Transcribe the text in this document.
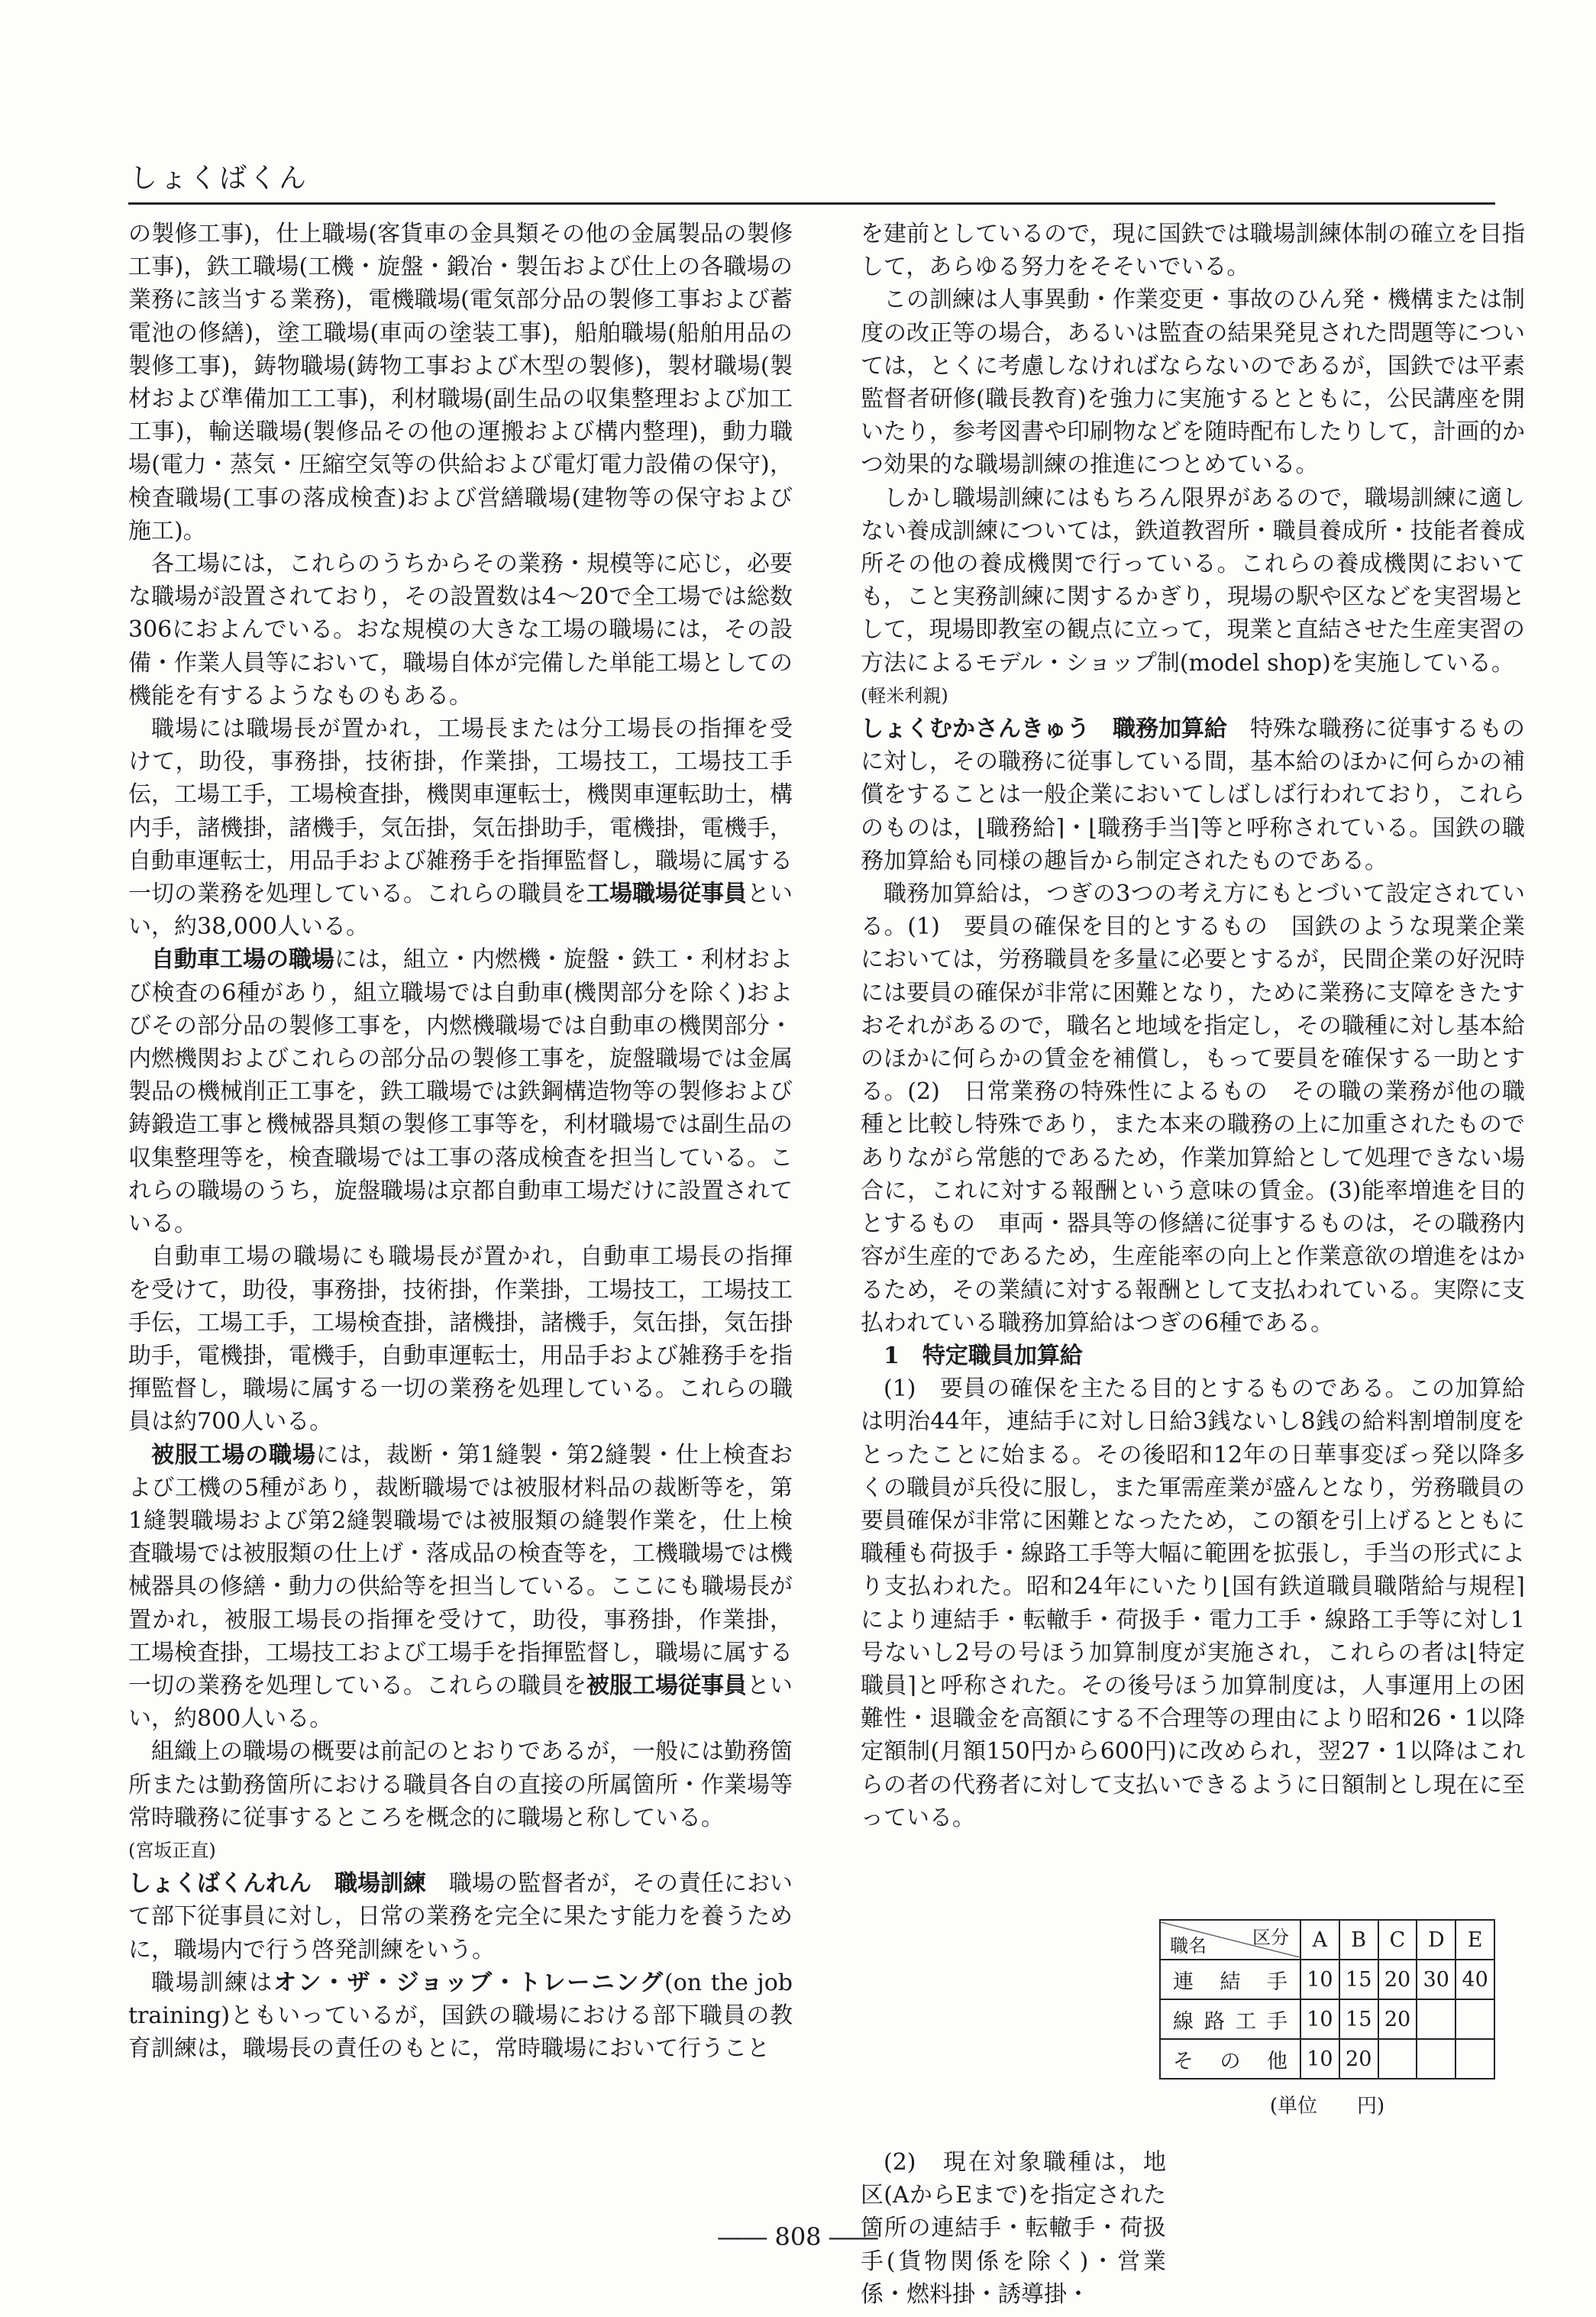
しょくばくん

の製修工事)，仕上職場(客貨車の金具類その他の金属製品の製修工事)，鉄工職場(工機・旋盤・鍛冶・製缶および仕上の各職場の業務に該当する業務)，電機職場(電気部分品の製修工事および蓄電池の修繕)，塗工職場(車両の塗装工事)，船舶職場(船舶用品の製修工事)，鋳物職場(鋳物工事および木型の製修)，製材職場(製材および準備加工工事)，利材職場(副生品の収集整理および加工工事)，輸送職場(製修品その他の運搬および構内整理)，動力職場(電力・蒸気・圧縮空気等の供給および電灯電力設備の保守)，検査職場(工事の落成検査)および営繕職場(建物等の保守および施工)。

各工場には，これらのうちからその業務・規模等に応じ，必要な職場が設置されており，その設置数は4～20で全工場では総数306におよんでいる。おな規模の大きな工場の職場には，その設備・作業人員等において，職場自体が完備した単能工場としての機能を有するようなものもある。

職場には職場長が置かれ，工場長または分工場長の指揮を受けて，助役，事務掛，技術掛，作業掛，工場技工，工場技工手伝，工場工手，工場検査掛，機関車運転士，機関車運転助士，構内手，諸機掛，諸機手，気缶掛，気缶掛助手，電機掛，電機手，自動車運転士，用品手および雑務手を指揮監督し，職場に属する一切の業務を処理している。これらの職員を工場職場従事員といい，約38,000人いる。

自動車工場の職場には，組立・内燃機・旋盤・鉄工・利材および検査の6種があり，組立職場では自動車(機関部分を除く)およびその部分品の製修工事を，内燃機職場では自動車の機関部分・内燃機関およびこれらの部分品の製修工事を，旋盤職場では金属製品の機械削正工事を，鉄工職場では鉄鋼構造物等の製修および鋳鍛造工事と機械器具類の製修工事等を，利材職場では副生品の収集整理等を，検査職場では工事の落成検査を担当している。これらの職場のうち，旋盤職場は京都自動車工場だけに設置されている。

自動車工場の職場にも職場長が置かれ，自動車工場長の指揮を受けて，助役，事務掛，技術掛，作業掛，工場技工，工場技工手伝，工場工手，工場検査掛，諸機掛，諸機手，気缶掛，気缶掛助手，電機掛，電機手，自動車運転士，用品手および雑務手を指揮監督し，職場に属する一切の業務を処理している。これらの職員は約700人いる。

被服工場の職場には，裁断・第1縫製・第2縫製・仕上検査および工機の5種があり，裁断職場では被服材料品の裁断等を，第1縫製職場および第2縫製職場では被服類の縫製作業を，仕上検査職場では被服類の仕上げ・落成品の検査等を，工機職場では機械器具の修繕・動力の供給等を担当している。ここにも職場長が置かれ，被服工場長の指揮を受けて，助役，事務掛，作業掛，工場検査掛，工場技工および工場手を指揮監督し，職場に属する一切の業務を処理している。これらの職員を被服工場従事員といい，約800人いる。

組織上の職場の概要は前記のとおりであるが，一般には勤務箇所または勤務箇所における職員各自の直接の所属箇所・作業場等常時職務に従事するところを概念的に職場と称している。

(宮坂正直)

しょくばくんれん　職場訓練　職場の監督者が，その責任において部下従事員に対し，日常の業務を完全に果たす能力を養うために，職場内で行う啓発訓練をいう。

職場訓練はオン・ザ・ジョッブ・トレーニング(on the job training)ともいっているが，国鉄の職場における部下職員の教育訓練は，職場長の責任のもとに，常時職場において行うこと

を建前としているので，現に国鉄では職場訓練体制の確立を目指して，あらゆる努力をそそいでいる。

この訓練は人事異動・作業変更・事故のひん発・機構または制度の改正等の場合，あるいは監査の結果発見された問題等については，とくに考慮しなければならないのであるが，国鉄では平素監督者研修(職長教育)を強力に実施するとともに，公民講座を開いたり，参考図書や印刷物などを随時配布したりして，計画的かつ効果的な職場訓練の推進につとめている。

しかし職場訓練にはもちろん限界があるので，職場訓練に適しない養成訓練については，鉄道教習所・職員養成所・技能者養成所その他の養成機関で行っている。これらの養成機関においても，こと実務訓練に関するかぎり，現場の駅や区などを実習場として，現場即教室の観点に立って，現業と直結させた生産実習の方法によるモデル・ショップ制(model shop)を実施している。

(軽米利親)

しょくむかさんきゅう　職務加算給　特殊な職務に従事するものに対し，その職務に従事している間，基本給のほかに何らかの補償をすることは一般企業においてしばしば行われており，これらのものは，⌊職務給⌉・⌊職務手当⌉等と呼称されている。国鉄の職務加算給も同様の趣旨から制定されたものである。

職務加算給は，つぎの3つの考え方にもとづいて設定されている。(1)　要員の確保を目的とするもの　国鉄のような現業企業においては，労務職員を多量に必要とするが，民間企業の好況時には要員の確保が非常に困難となり，ために業務に支障をきたすおそれがあるので，職名と地域を指定し，その職種に対し基本給のほかに何らかの賃金を補償し，もって要員を確保する一助とする。(2)　日常業務の特殊性によるもの　その職の業務が他の職種と比較し特殊であり，また本来の職務の上に加重されたものでありながら常態的であるため，作業加算給として処理できない場合に，これに対する報酬という意味の賃金。(3)能率増進を目的とするもの　車両・器具等の修繕に従事するものは，その職務内容が生産的であるため，生産能率の向上と作業意欲の増進をはかるため，その業績に対する報酬として支払われている。実際に支払われている職務加算給はつぎの6種である。

1　特定職員加算給

(1)　要員の確保を主たる目的とするものである。この加算給は明治44年，連結手に対し日給3銭ないし8銭の給料割増制度をとったことに始まる。その後昭和12年の日華事変ぼっ発以降多くの職員が兵役に服し，また軍需産業が盛んとなり，労務職員の要員確保が非常に困難となったため，この額を引上げるとともに職種も荷扱手・線路工手等大幅に範囲を拡張し，手当の形式により支払われた。昭和24年にいたり⌊国有鉄道職員職階給与規程⌉により連結手・転轍手・荷扱手・電力工手・線路工手等に対し1号ないし2号の号ほう加算制度が実施され，これらの者は⌊特定職員⌉と呼称された。その後号ほう加算制度は，人事運用上の困難性・退職金を高額にする不合理等の理由により昭和26・1以降定額制(月額150円から600円)に改められ，翌27・1以降はこれらの者の代務者に対して支払いできるように日額制とし現在に至っている。

(2)　現在対象職種は，地区(AからEまで)を指定された箇所の連結手・転轍手・荷扱手(貨物関係を除く)・営業係・燃料掛・誘導掛・

区分
職名	A	B	C	D	E
連結手	10	15	20	30	40
線路工手	10	15	20		
その他	10	20			
(単位　　円)
―― 808 ――
